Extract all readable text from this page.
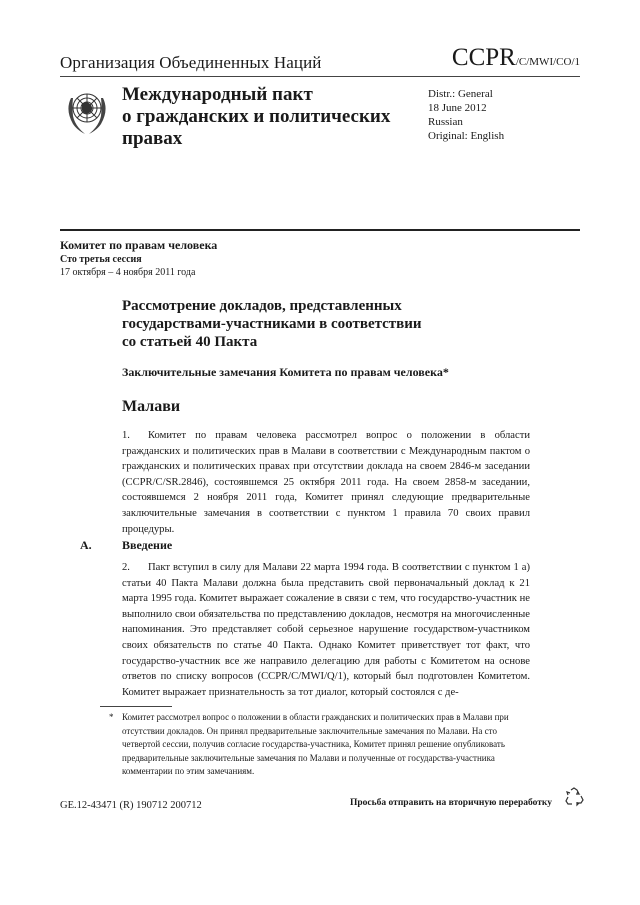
Организация Объединенных Наций	CCPR/C/MWI/CO/1
Международный пакт
о гражданских и политических
правах
Distr.: General
18 June 2012
Russian
Original: English
Комитет по правам человека
Сто третья сессия
17 октября – 4 ноября 2011 года
Рассмотрение докладов, представленных
государствами-участниками в соответствии
со статьей 40 Пакта
Заключительные замечания Комитета по правам человека*
Малави
1. Комитет по правам человека рассмотрел вопрос о положении в области гражданских и политических прав в Малави в соответствии с Международным пактом о гражданских и политических правах при отсутствии доклада на своем 2846-м заседании (CCPR/C/SR.2846), состоявшемся 25 октября 2011 года. На своем 2858-м заседании, состоявшемся 2 ноября 2011 года, Комитет принял следующие предварительные заключительные замечания в соответствии с пунктом 1 правила 70 своих правил процедуры.
A.	Введение
2. Пакт вступил в силу для Малави 22 марта 1994 года. В соответствии с пунктом 1 а) статьи 40 Пакта Малави должна была представить свой первоначальный доклад к 21 марта 1995 года. Комитет выражает сожаление в связи с тем, что государство-участник не выполнило свои обязательства по представлению докладов, несмотря на многочисленные напоминания. Это представляет собой серьезное нарушение государством-участником своих обязательств по статье 40 Пакта. Однако Комитет приветствует тот факт, что государство-участник все же направило делегацию для работы с Комитетом на основе ответов по списку вопросов (CCPR/C/MWI/Q/1), который был подготовлен Комитетом. Комитет выражает признательность за тот диалог, который состоялся с де-
* Комитет рассмотрел вопрос о положении в области гражданских и политических прав в Малави при отсутствии докладов. Он принял предварительные заключительные замечания по Малави. На сто четвертой сессии, получив согласие государства-участника, Комитет принял решение опубликовать предварительные заключительные замечания по Малави и полученные от государства-участника комментарии по этим замечаниям.
GE.12-43471 (R) 190712 200712	Просьба отправить на вторичную переработку
